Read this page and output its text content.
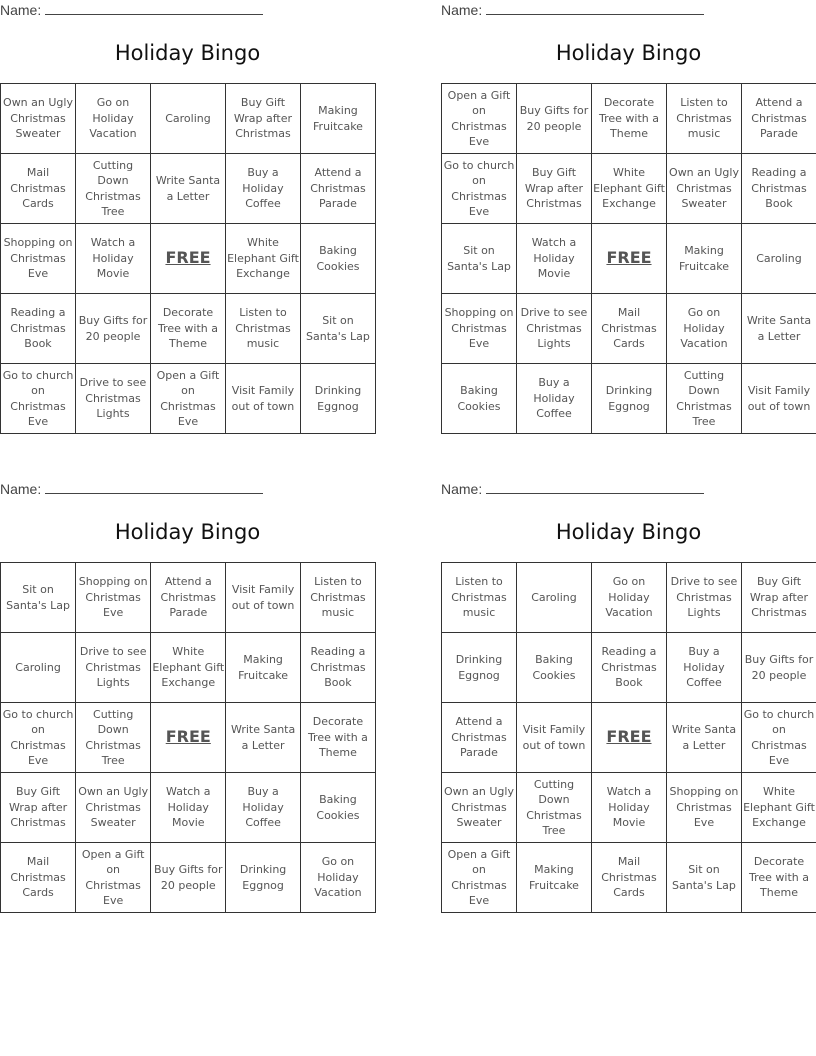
Name:
Holiday Bingo
Own an Ugly Christmas Sweater	Go on Holiday Vacation	Caroling	Buy Gift Wrap after Christmas	Making Fruitcake
Mail Christmas Cards	Cutting Down Christmas Tree	Write Santa a Letter	Buy a Holiday Coffee	Attend a Christmas Parade
Shopping on Christmas Eve	Watch a Holiday Movie	FREE	White Elephant Gift Exchange	Baking Cookies
Reading a Christmas Book	Buy Gifts for 20 people	Decorate Tree with a Theme	Listen to Christmas music	Sit on Santa's Lap
Go to church on Christmas Eve	Drive to see Christmas Lights	Open a Gift on Christmas Eve	Visit Family out of town	Drinking Eggnog
Name:
Holiday Bingo
Open a Gift on Christmas Eve	Buy Gifts for 20 people	Decorate Tree with a Theme	Listen to Christmas music	Attend a Christmas Parade
Go to church on Christmas Eve	Buy Gift Wrap after Christmas	White Elephant Gift Exchange	Own an Ugly Christmas Sweater	Reading a Christmas Book
Sit on Santa's Lap	Watch a Holiday Movie	FREE	Making Fruitcake	Caroling
Shopping on Christmas Eve	Drive to see Christmas Lights	Mail Christmas Cards	Go on Holiday Vacation	Write Santa a Letter
Baking Cookies	Buy a Holiday Coffee	Drinking Eggnog	Cutting Down Christmas Tree	Visit Family out of town
Name:
Holiday Bingo
Sit on Santa's Lap	Shopping on Christmas Eve	Attend a Christmas Parade	Visit Family out of town	Listen to Christmas music
Caroling	Drive to see Christmas Lights	White Elephant Gift Exchange	Making Fruitcake	Reading a Christmas Book
Go to church on Christmas Eve	Cutting Down Christmas Tree	FREE	Write Santa a Letter	Decorate Tree with a Theme
Buy Gift Wrap after Christmas	Own an Ugly Christmas Sweater	Watch a Holiday Movie	Buy a Holiday Coffee	Baking Cookies
Mail Christmas Cards	Open a Gift on Christmas Eve	Buy Gifts for 20 people	Drinking Eggnog	Go on Holiday Vacation
Name:
Holiday Bingo
Listen to Christmas music	Caroling	Go on Holiday Vacation	Drive to see Christmas Lights	Buy Gift Wrap after Christmas
Drinking Eggnog	Baking Cookies	Reading a Christmas Book	Buy a Holiday Coffee	Buy Gifts for 20 people
Attend a Christmas Parade	Visit Family out of town	FREE	Write Santa a Letter	Go to church on Christmas Eve
Own an Ugly Christmas Sweater	Cutting Down Christmas Tree	Watch a Holiday Movie	Shopping on Christmas Eve	White Elephant Gift Exchange
Open a Gift on Christmas Eve	Making Fruitcake	Mail Christmas Cards	Sit on Santa's Lap	Decorate Tree with a Theme
